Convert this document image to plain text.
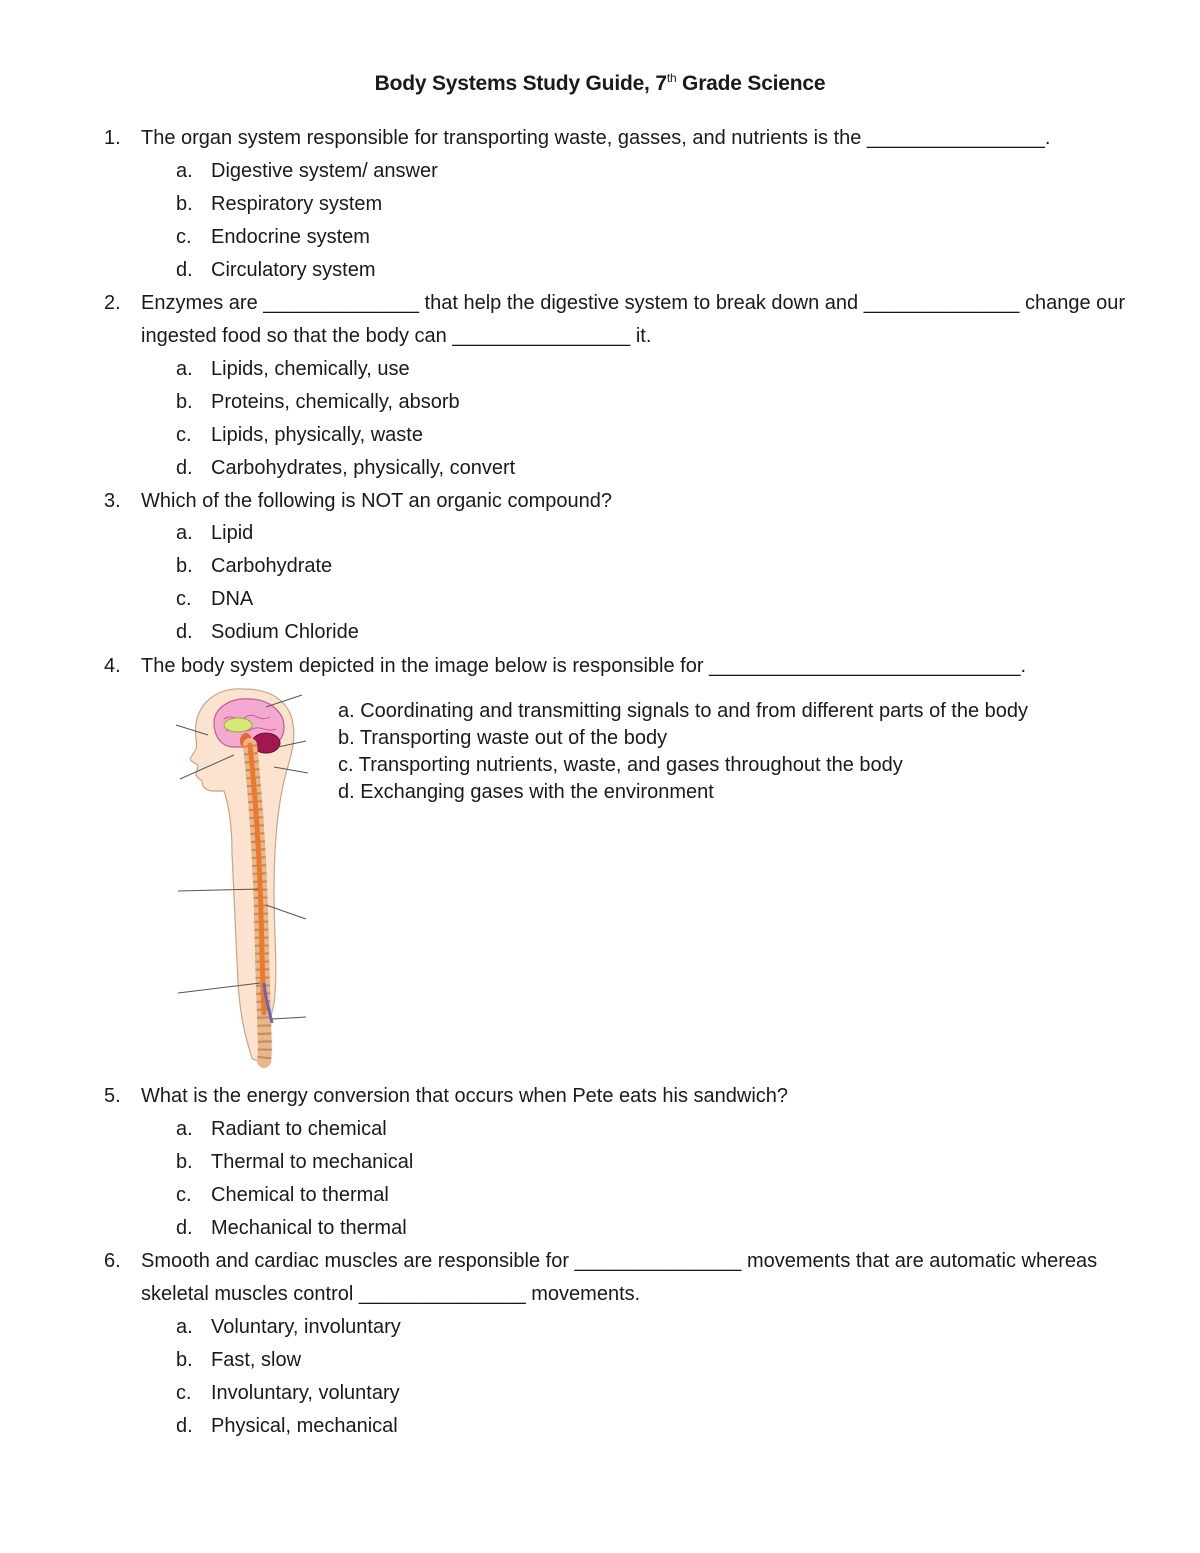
Body Systems Study Guide, 7th Grade Science
1.	The organ system responsible for transporting waste, gasses, and nutrients is the ________________.
a. Digestive system/ answer
b. Respiratory system
c. Endocrine system
d. Circulatory system
2.	Enzymes are ______________ that help the digestive system to break down and ______________ change our ingested food so that the body can ________________ it.
a. Lipids, chemically, use
b. Proteins, chemically, absorb
c. Lipids, physically, waste
d. Carbohydrates, physically, convert
3.	Which of the following is NOT an organic compound?
a. Lipid
b. Carbohydrate
c. DNA
d. Sodium Chloride
4.	The body system depicted in the image below is responsible for ____________________________.
a. Coordinating and transmitting signals to and from different parts of the body
b. Transporting waste out of the body
c. Transporting nutrients, waste, and gases throughout the body
d. Exchanging gases with the environment
5.	What is the energy conversion that occurs when Pete eats his sandwich?
a. Radiant to chemical
b. Thermal to mechanical
c. Chemical to thermal
d. Mechanical to thermal
6.	Smooth and cardiac muscles are responsible for _______________ movements that are automatic whereas skeletal muscles control _______________ movements.
a. Voluntary, involuntary
b. Fast, slow
c. Involuntary, voluntary
d. Physical, mechanical
